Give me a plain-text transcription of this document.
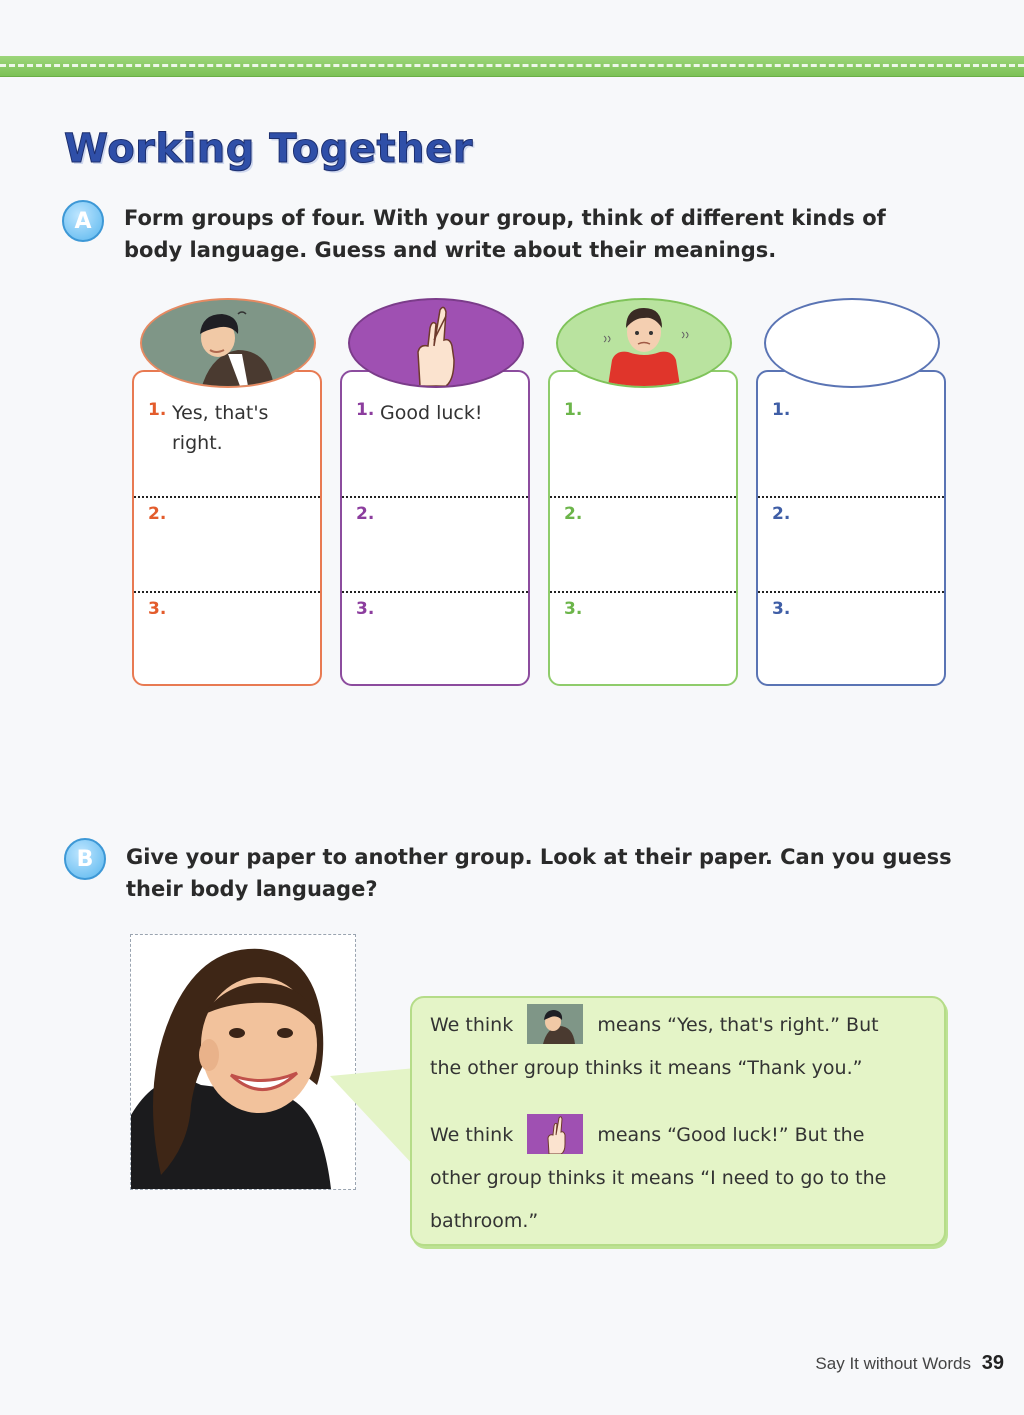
Working Together
A	Form groups of four. With your group, think of different kinds of
body language. Guess and write about their meanings.

1. Yes, that's
right.
2.
3.
1. Good luck!
2.
3.
1.
2.
3.
1.
2.
3.
B	Give your paper to another group. Look at their paper. Can you guess
their body language?

We think	means “Yes, that's right.” But
the other group thinks it means “Thank you.”
We think	means “Good luck!” But the
other group thinks it means “I need to go to the
bathroom.”
Say It without Words 39
